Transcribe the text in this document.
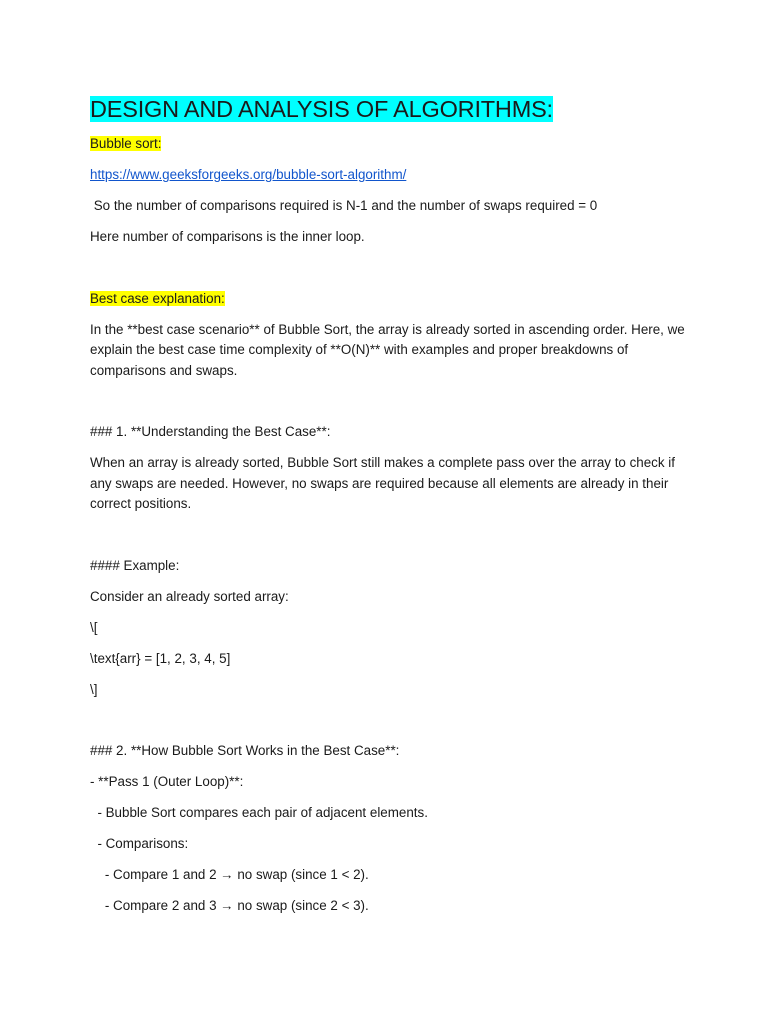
DESIGN AND ANALYSIS OF ALGORITHMS:

Bubble sort:

https://www.geeksforgeeks.org/bubble-sort-algorithm/

So the number of comparisons required is N-1 and the number of swaps required = 0

Here number of comparisons is the inner loop.

Best case explanation:

In the **best case scenario** of Bubble Sort, the array is already sorted in ascending order. Here, we explain the best case time complexity of **O(N)** with examples and proper breakdowns of comparisons and swaps.

### 1. **Understanding the Best Case**:

When an array is already sorted, Bubble Sort still makes a complete pass over the array to check if any swaps are needed. However, no swaps are required because all elements are already in their correct positions.

#### Example:

Consider an already sorted array:

\[

\text{arr} = [1, 2, 3, 4, 5]

\]

### 2. **How Bubble Sort Works in the Best Case**:

- **Pass 1 (Outer Loop)**:

- Bubble Sort compares each pair of adjacent elements.

- Comparisons:

- Compare 1 and 2 → no swap (since 1 < 2).

- Compare 2 and 3 → no swap (since 2 < 3).
